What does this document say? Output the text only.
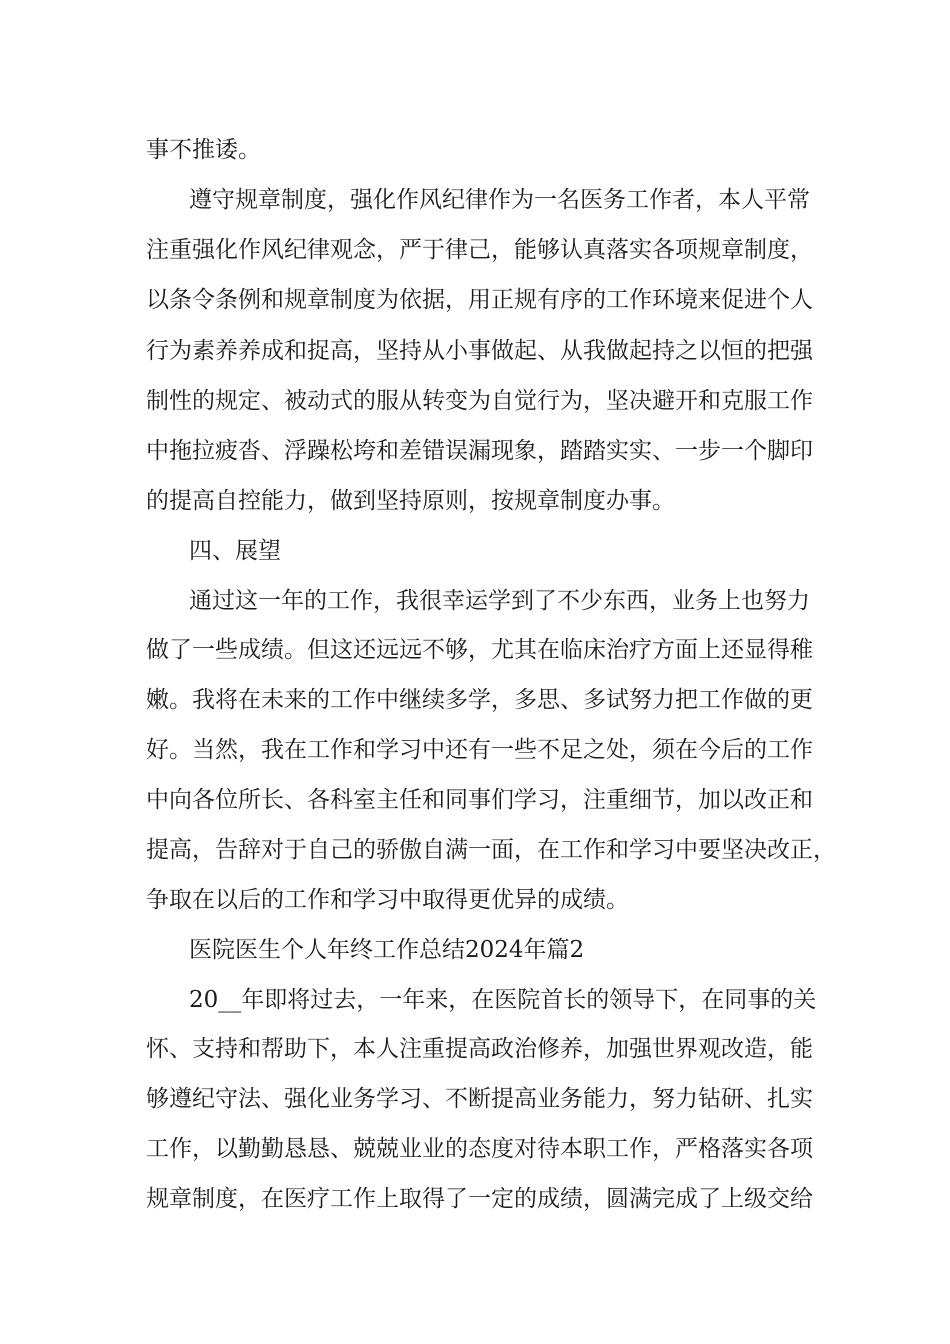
事不推诿。
遵守规章制度，强化作风纪律作为一名医务工作者，本人平常
注重强化作风纪律观念，严于律己，能够认真落实各项规章制度，
以条令条例和规章制度为依据，用正规有序的工作环境来促进个人
行为素养养成和捉高，坚持从小事做起、从我做起持之以恒的把强
制性的规定、被动式的服从转变为自觉行为，坚决避开和克服工作
中拖拉疲沓、浮躁松垮和差错误漏现象，踏踏实实、一步一个脚印
的提高自控能力，做到坚持原则，按规章制度办事。
四、展望
通过这一年的工作，我很幸运学到了不少东西，业务上也努力
做了一些成绩。但这还远远不够，尤其在临床治疗方面上还显得稚
嫩。我将在未来的工作中继续多学，多思、多试努力把工作做的更
好。当然，我在工作和学习中还有一些不足之处，须在今后的工作
中向各位所长、各科室主任和同事们学习，注重细节，加以改正和
提高，告辞对于自己的骄傲自满一面，在工作和学习中要坚决改正，
争取在以后的工作和学习中取得更优异的成绩。
医院医生个人年终工作总结2024年篇2
20__年即将过去，一年来，在医院首长的领导下，在同事的关
怀、支持和帮助下，本人注重提高政治修养，加强世界观改造，能
够遵纪守法、强化业务学习、不断提高业务能力，努力钻研、扎实
工作，以勤勤恳恳、兢兢业业的态度对待本职工作，严格落实各项
规章制度，在医疗工作上取得了一定的成绩，圆满完成了上级交给
